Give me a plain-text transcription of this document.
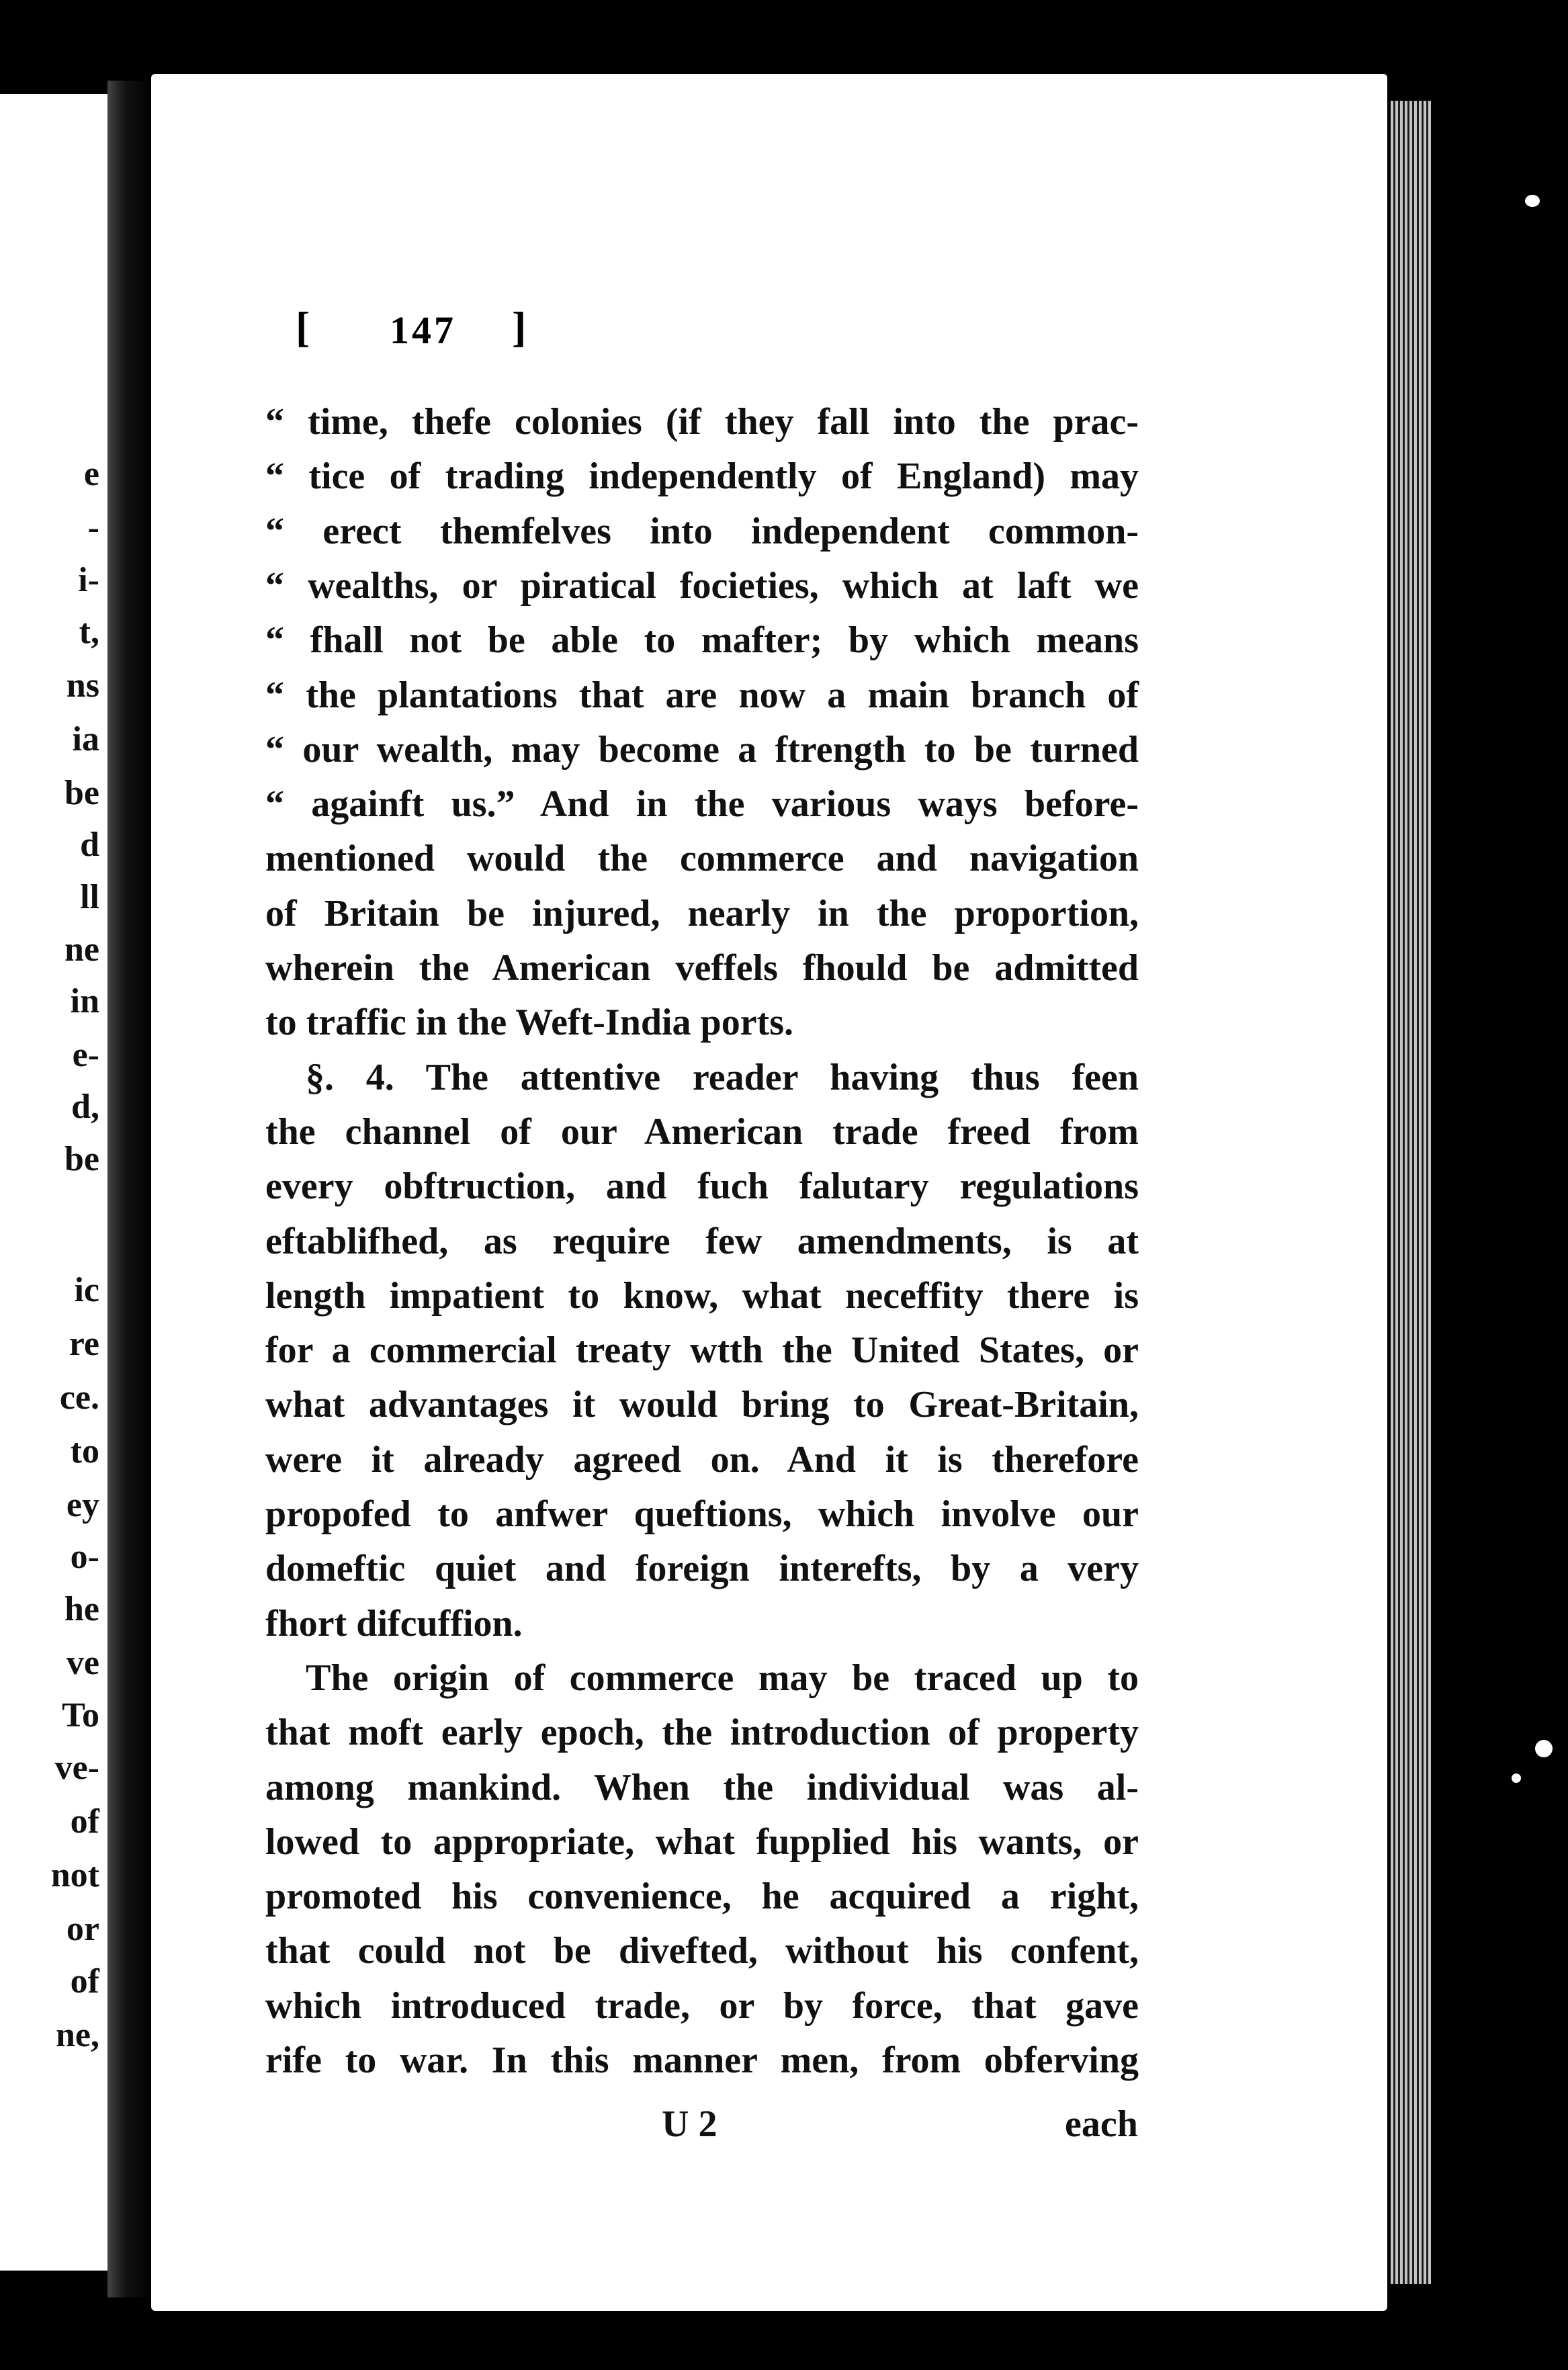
e
-
i-
t,
ns
ia
be
d
ll
ne
in
e-
d,
be
ic
re
ce.
to
ey
o-
he
ve
To
ve-
of
not
or
of
ne,
[ 147 ]
“ time, thefe colonies (if they fall into the prac-
“ tice of trading independently of England) may
“ erect themfelves into independent common-
“ wealths, or piratical focieties, which at laft we
“ fhall not be able to mafter; by which means
“ the plantations that are now a main branch of
“ our wealth, may become a ftrength to be turned
“ againft us.” And in the various ways before-
mentioned would the commerce and navigation
of Britain be injured, nearly in the proportion,
wherein the American veffels fhould be admitted
to traffic in the Weft-India ports.
§. 4. The attentive reader having thus feen
the channel of our American trade freed from
every obftruction, and fuch falutary regulations
eftablifhed, as require few amendments, is at
length impatient to know, what neceffity there is
for a commercial treaty wtth the United States, or
what advantages it would bring to Great-Britain,
were it already agreed on. And it is therefore
propofed to anfwer queftions, which involve our
domeftic quiet and foreign interefts, by a very
fhort difcuffion.
The origin of commerce may be traced up to
that moft early epoch, the introduction of property
among mankind. When the individual was al-
lowed to appropriate, what fupplied his wants, or
promoted his convenience, he acquired a right,
that could not be divefted, without his confent,
which introduced trade, or by force, that gave
rife to war. In this manner men, from obferving
U 2	each
